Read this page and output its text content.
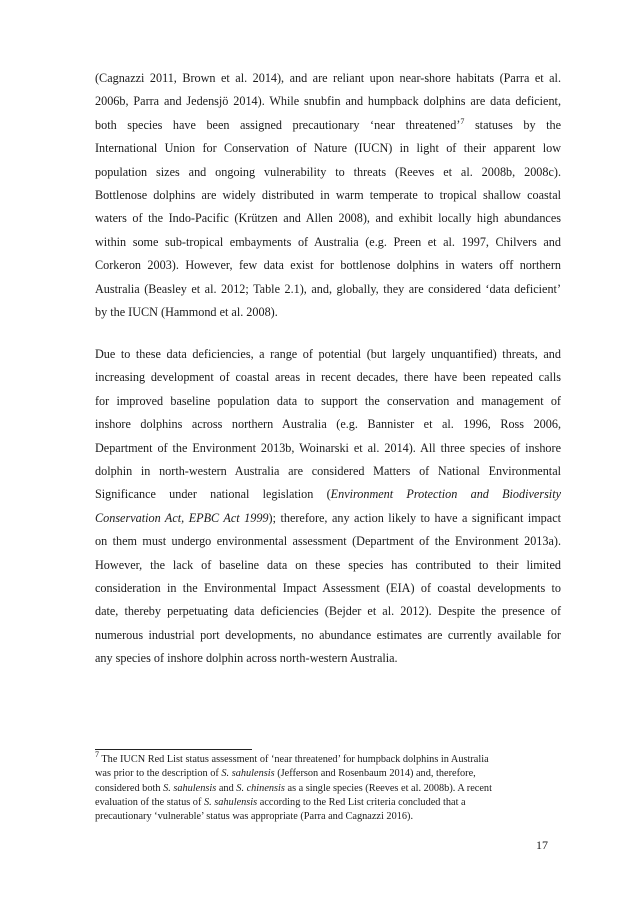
(Cagnazzi 2011, Brown et al. 2014), and are reliant upon near-shore habitats (Parra et al.
2006b, Parra and Jedensjö 2014). While snubfin and humpback dolphins are data deficient,
both species have been assigned precautionary ‘near threatened’$^7$ statuses by the
International Union for Conservation of Nature (IUCN) in light of their apparent low
population sizes and ongoing vulnerability to threats (Reeves et al. 2008b, 2008c).
Bottlenose dolphins are widely distributed in warm temperate to tropical shallow coastal
waters of the Indo-Pacific (Krützen and Allen 2008), and exhibit locally high abundances
within some sub-tropical embayments of Australia (e.g. Preen et al. 1997, Chilvers and
Corkeron 2003). However, few data exist for bottlenose dolphins in waters off northern
Australia (Beasley et al. 2012; Table 2.1), and, globally, they are considered ‘data deficient’
by the IUCN (Hammond et al. 2008).
Due to these data deficiencies, a range of potential (but largely unquantified) threats, and
increasing development of coastal areas in recent decades, there have been repeated calls
for improved baseline population data to support the conservation and management of
inshore dolphins across northern Australia (e.g. Bannister et al. 1996, Ross 2006,
Department of the Environment 2013b, Woinarski et al. 2014). All three species of inshore
dolphin in north-western Australia are considered Matters of National Environmental
Significance under national legislation (Environment Protection and Biodiversity
Conservation Act, EPBC Act 1999); therefore, any action likely to have a significant impact
on them must undergo environmental assessment (Department of the Environment 2013a).
However, the lack of baseline data on these species has contributed to their limited
consideration in the Environmental Impact Assessment (EIA) of coastal developments to
date, thereby perpetuating data deficiencies (Bejder et al. 2012). Despite the presence of
numerous industrial port developments, no abundance estimates are currently available for
any species of inshore dolphin across north-western Australia.
$^7$ The IUCN Red List status assessment of ‘near threatened’ for humpback dolphins in Australia
was prior to the description of S. sahulensis (Jefferson and Rosenbaum 2014) and, therefore,
considered both S. sahulensis and S. chinensis as a single species (Reeves et al. 2008b). A recent
evaluation of the status of S. sahulensis according to the Red List criteria concluded that a
precautionary ‘vulnerable’ status was appropriate (Parra and Cagnazzi 2016).
17
